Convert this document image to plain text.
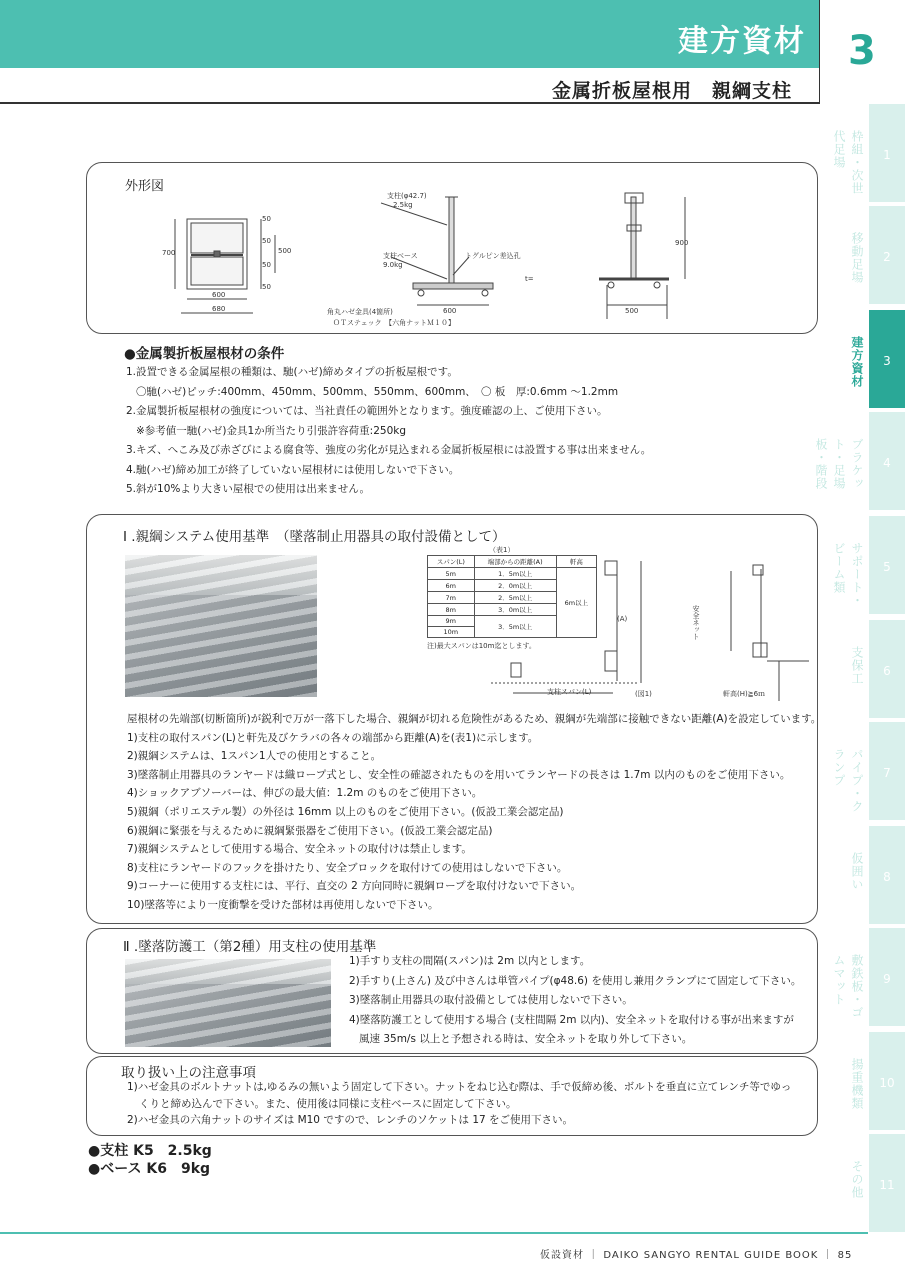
建方資材 3
金属折板屋根用　親綱支柱
1
枠組・次世代足場
2
移動足場
3
建方資材
4
ブラケット・足場板・階段
5
サポート・ビーム類
6
支保工
7
パイプ・クランプ
8
仮囲い
9
敷鉄板・ゴムマット
10
揚重機類
11
その他
外形図
600
680
700	500
50
50
50
50
支柱(φ42.7)
2.5kg
支柱ベース
9.0kg
トグルピン差込孔
t=
角丸ハゼ金具(4箇所)
ＯＴステェック　【六角ナットＭ１０】
600
900
500
●金属製折板屋根材の条件
1.設置できる金属屋根の種類は、馳(ハゼ)締めタイプの折板屋根です。
〇馳(ハゼ)ピッチ:400mm、450mm、500mm、550mm、600mm、　〇 板　厚:0.6mm 〜1.2mm
2.金属製折板屋根材の強度については、当社責任の範囲外となります。強度確認の上、ご使用下さい。
※参考値一馳(ハゼ)金具1か所当たり引張許容荷重:250kg
3.キズ、へこみ及び赤ざびによる腐食等、強度の劣化が見込まれる金属折板屋根には設置する事は出来ません。
4.馳(ハゼ)締め加工が終了していない屋根材には使用しないで下さい。
5.斜が10%より大きい屋根での使用は出来ません。
Ⅰ .親綱システム使用基準　（墜落制止用器具の取付設備として）
（表1）
スパン(L)	端部からの距離(A)	軒高
5m	1．5m以上	6m以上
6m	2．0m以上	
7m	2．5m以上	
8m	3．0m以上	
9m	3．5m以上	
10m		
注)最大スパンは10m迄とします。
支柱スパン(L)	(図1)
(A)	安全ネット
軒高(H)≧6ｍ
屋根材の先端部(切断箇所)が鋭利で万が一落下した場合、親綱が切れる危険性があるため、親綱が先端部に接触できない距離(A)を設定しています。
1)支柱の取付スパン(L)と軒先及びケラバの各々の端部から距離(A)を(表1)に示します。
2)親綱システムは、1スパン1人での使用とすること。
3)墜落制止用器具のランヤードは織ロープ式とし、安全性の確認されたものを用いてランヤードの長さは 1.7m 以内のものをご使用下さい。
4)ショックアブソーバーは、伸びの最大値：1.2m のものをご使用下さい。
5)親綱（ポリエステル製）の外径は 16mm 以上のものをご使用下さい。(仮設工業会認定品)
6)親綱に緊張を与えるために親綱緊張器をご使用下さい。(仮設工業会認定品)
7)親綱システムとして使用する場合、安全ネットの取付けは禁止します。
8)支柱にランヤードのフックを掛けたり、安全ブロックを取付けての使用はしないで下さい。
9)コーナーに使用する支柱には、平行、直交の 2 方向同時に親綱ロープを取付けないで下さい。
10)墜落等により一度衝撃を受けた部材は再使用しないで下さい。
Ⅱ .墜落防護工（第2種）用支柱の使用基準
1)手すり支柱の間隔(スパン)は 2m 以内とします。
2)手すり(上さん) 及び中さんは単管パイプ(φ48.6) を使用し兼用クランプにて固定して下さい。
3)墜落制止用器具の取付設備としては使用しないで下さい。
4)墜落防護工として使用する場合 (支柱間隔 2m 以内)、安全ネットを取付ける事が出来ますが
風速 35m/s 以上と予想される時は、安全ネットを取り外して下さい。
取り扱い上の注意事項
1)ハゼ金具のボルトナットは,ゆるみの無いよう固定して下さい。ナットをねじ込む際は、手で仮締め後、ボルトを垂直に立てレンチ等でゆっ
くりと締め込んで下さい。また、使用後は同様に支柱ベースに固定して下さい。
2)ハゼ金具の六角ナットのサイズは M10 ですので、レンチのソケットは 17 をご使用下さい。
●支柱 K5　2.5kg
●ベース K6　9kg
仮設資材 ｜ DAIKO SANGYO RENTAL GUIDE BOOK ｜ 85
